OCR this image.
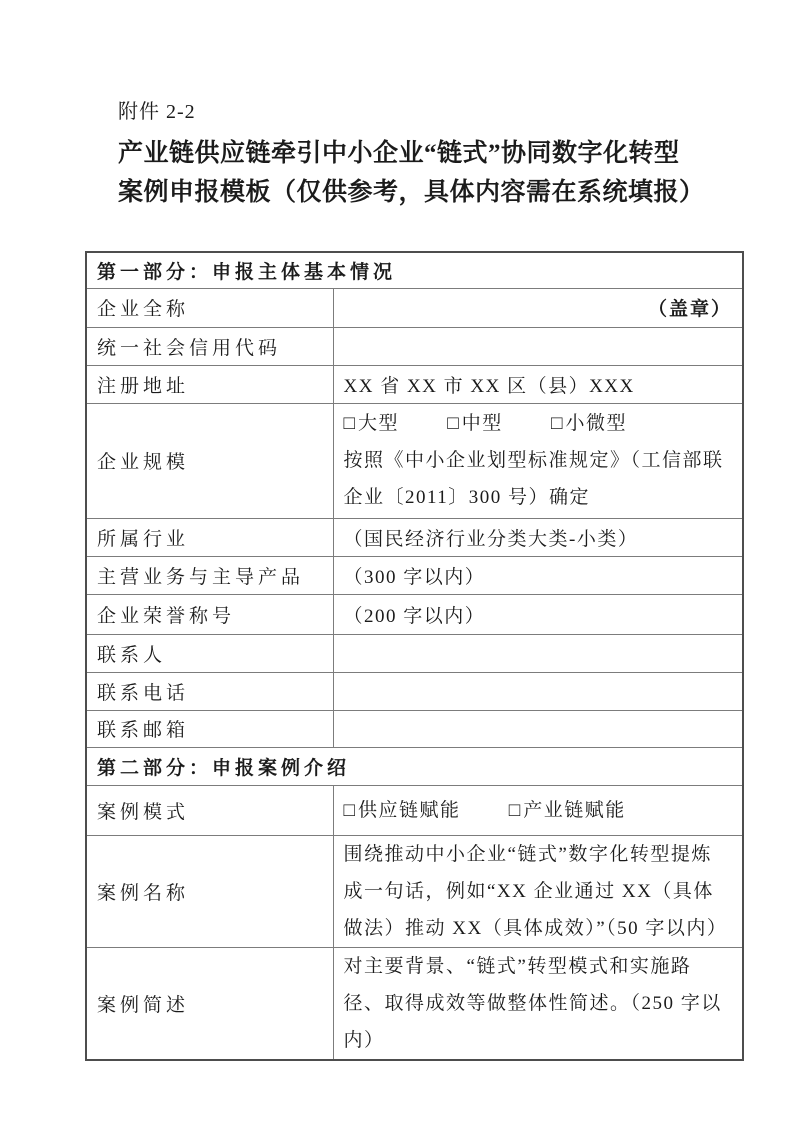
附件 2-2
产业链供应链牵引中小企业“链式”协同数字化转型
案例申报模板（仅供参考，具体内容需在系统填报）
第一部分：申报主体基本情况	
企业全称	（盖章）
统一社会信用代码	
注册地址	XX 省 XX 市 XX 区（县）XXX
企业规模	□ 大型 □ 中型 □ 小微型
按照《中小企业划型标准规定》（工信部联企业〔2011〕300 号）确定

所属行业	（国民经济行业分类大类-小类）
主营业务与主导产品	（300 字以内）
企业荣誉称号	（200 字以内）
联系人	
联系电话	
联系邮箱	
第二部分：申报案例介绍	
案例模式	□ 供应链赋能 □ 产业链赋能

案例名称	围绕推动中小企业“链式”数字化转型提炼成一句话，例如“XX 企业通过 XX（具体做法）推动 XX（具体成效）”（50 字以内）

案例简述	对主要背景、“链式”转型模式和实施路径、取得成效等做整体性简述。（250 字以内）
